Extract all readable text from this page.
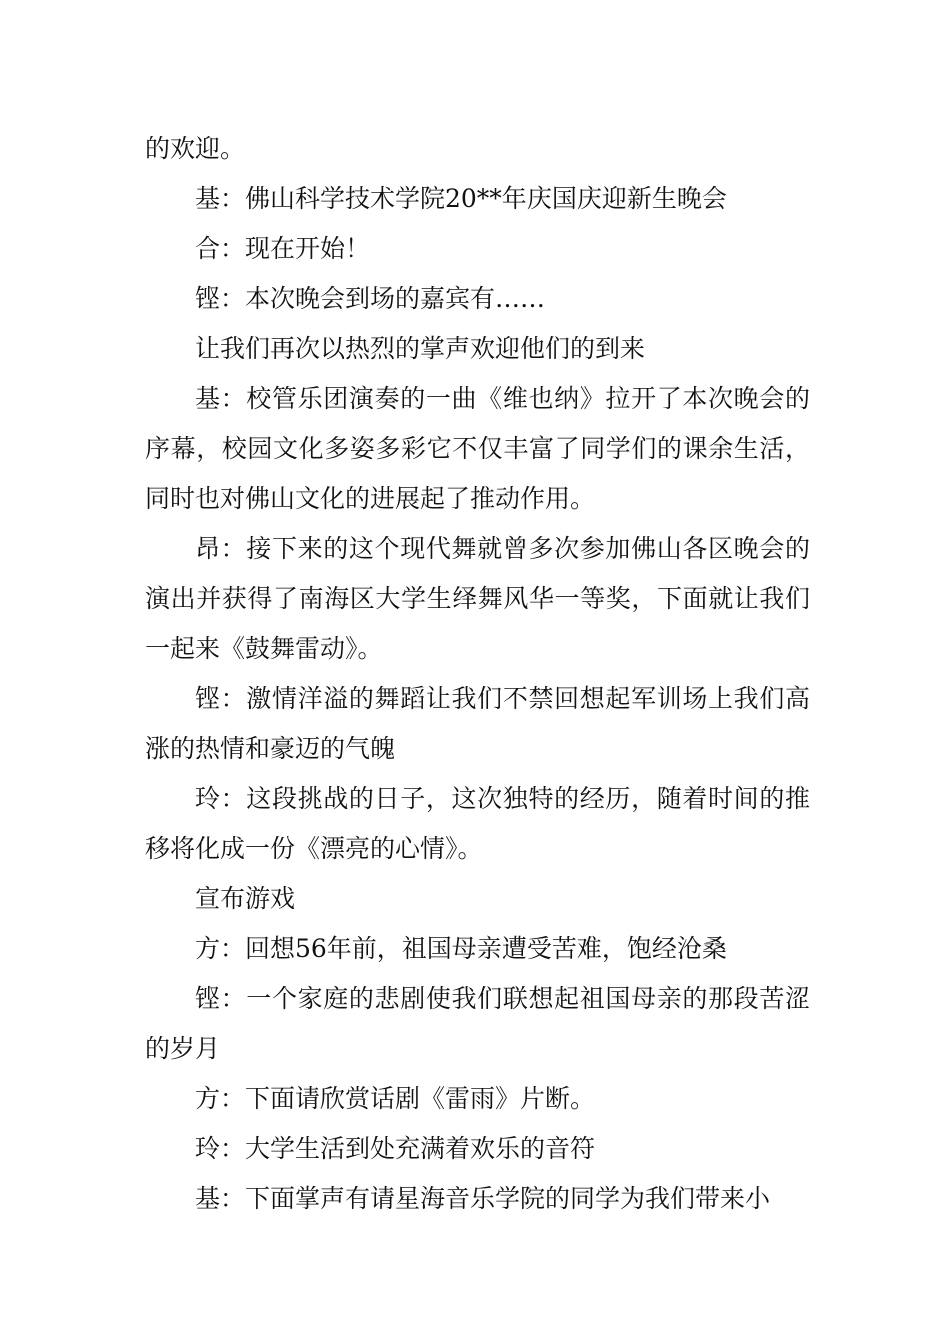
的欢迎。

基：佛山科学技术学院20**年庆国庆迎新生晚会

合：现在开始！

铿：本次晚会到场的嘉宾有……

让我们再次以热烈的掌声欢迎他们的到来

基：校管乐团演奏的一曲《维也纳》拉开了本次晚会的序幕，校园文化多姿多彩它不仅丰富了同学们的课余生活，同时也对佛山文化的进展起了推动作用。

昂：接下来的这个现代舞就曾多次参加佛山各区晚会的演出并获得了南海区大学生绎舞风华一等奖，下面就让我们一起来《鼓舞雷动》。

铿：激情洋溢的舞蹈让我们不禁回想起军训场上我们高涨的热情和豪迈的气魄

玲：这段挑战的日子，这次独特的经历，随着时间的推移将化成一份《漂亮的心情》。

宣布游戏

方：回想56年前，祖国母亲遭受苦难，饱经沧桑

铿：一个家庭的悲剧使我们联想起祖国母亲的那段苦涩的岁月

方：下面请欣赏话剧《雷雨》片断。

玲：大学生活到处充满着欢乐的音符

基：下面掌声有请星海音乐学院的同学为我们带来小
